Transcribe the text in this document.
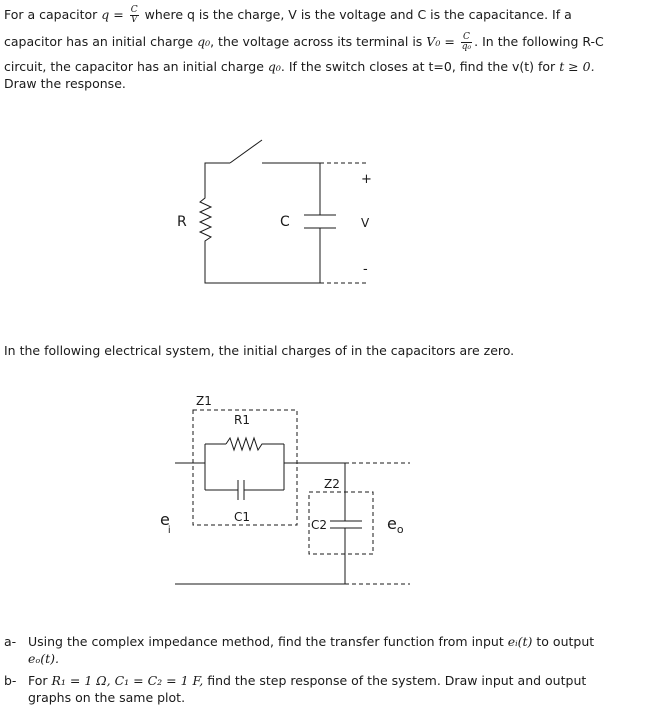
For a capacitor $q = \frac{C}{V}$ where q is the charge, V is the voltage and C is the capacitance. If a
capacitor has an initial charge q₀, the voltage across its terminal is $V_0 = \frac{C}{\text{q₀}}$ . In the following R-C
circuit, the capacitor has an initial charge q₀. If the switch closes at t=0, find the v(t) for t ≥ 0.
Draw the response.
R	C	V
+
-
In the following electrical system, the initial charges of in the capacitors are zero.
Z1
R1
C1
Z2
C2
$e_i$	$e_o$
a- Using the complex impedance method, find the transfer function from input eᵢ(t) to output
eₒ(t).
b- For R₁ = 1 Ω, C₁ = C₂ = 1 F, find the step response of the system. Draw input and output
graphs on the same plot.
